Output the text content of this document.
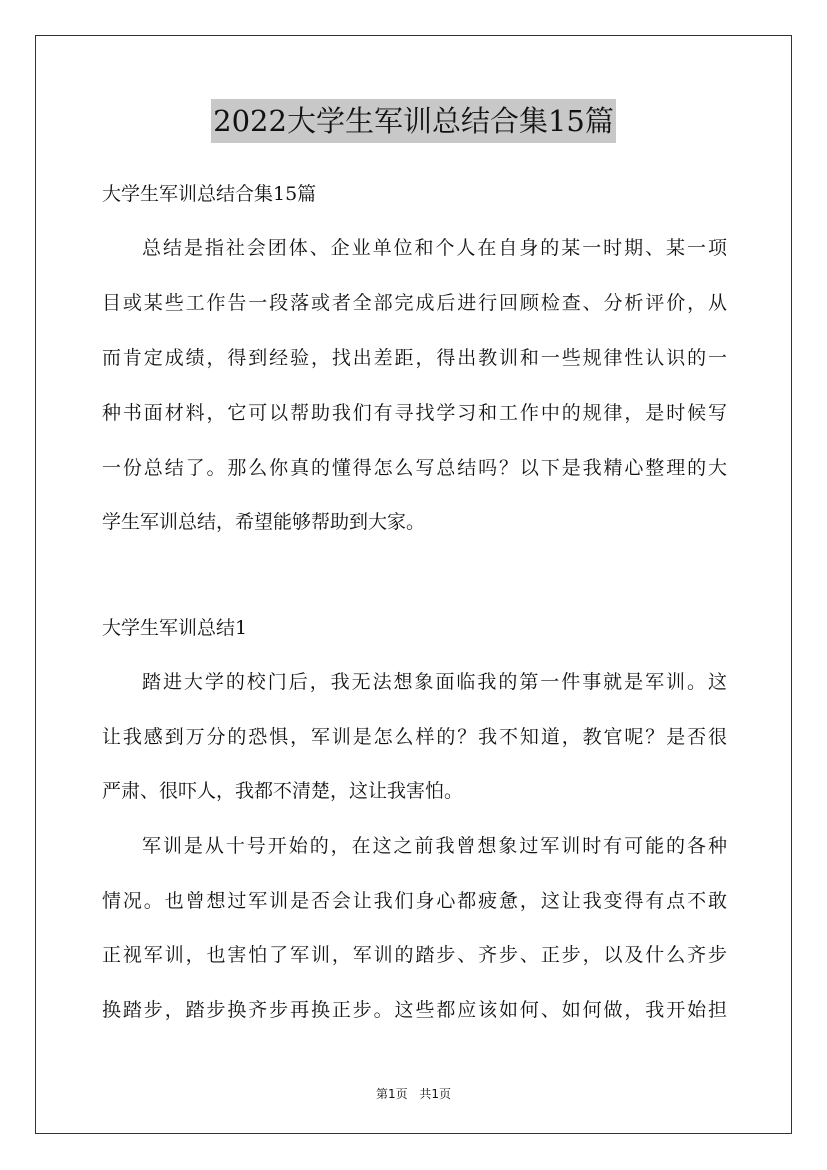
2022大学生军训总结合集15篇
大学生军训总结合集15篇
总结是指社会团体、企业单位和个人在自身的某一时期、某一项
目或某些工作告一段落或者全部完成后进行回顾检查、分析评价，从
而肯定成绩，得到经验，找出差距，得出教训和一些规律性认识的一
种书面材料，它可以帮助我们有寻找学习和工作中的规律，是时候写
一份总结了。那么你真的懂得怎么写总结吗？以下是我精心整理的大
学生军训总结，希望能够帮助到大家。
大学生军训总结1
踏进大学的校门后，我无法想象面临我的第一件事就是军训。这
让我感到万分的恐惧，军训是怎么样的？我不知道，教官呢？是否很
严肃、很吓人，我都不清楚，这让我害怕。
军训是从十号开始的，在这之前我曾想象过军训时有可能的各种
情况。也曾想过军训是否会让我们身心都疲惫，这让我变得有点不敢
正视军训，也害怕了军训，军训的踏步、齐步、正步，以及什么齐步
换踏步，踏步换齐步再换正步。这些都应该如何、如何做，我开始担
第1页 共1页
